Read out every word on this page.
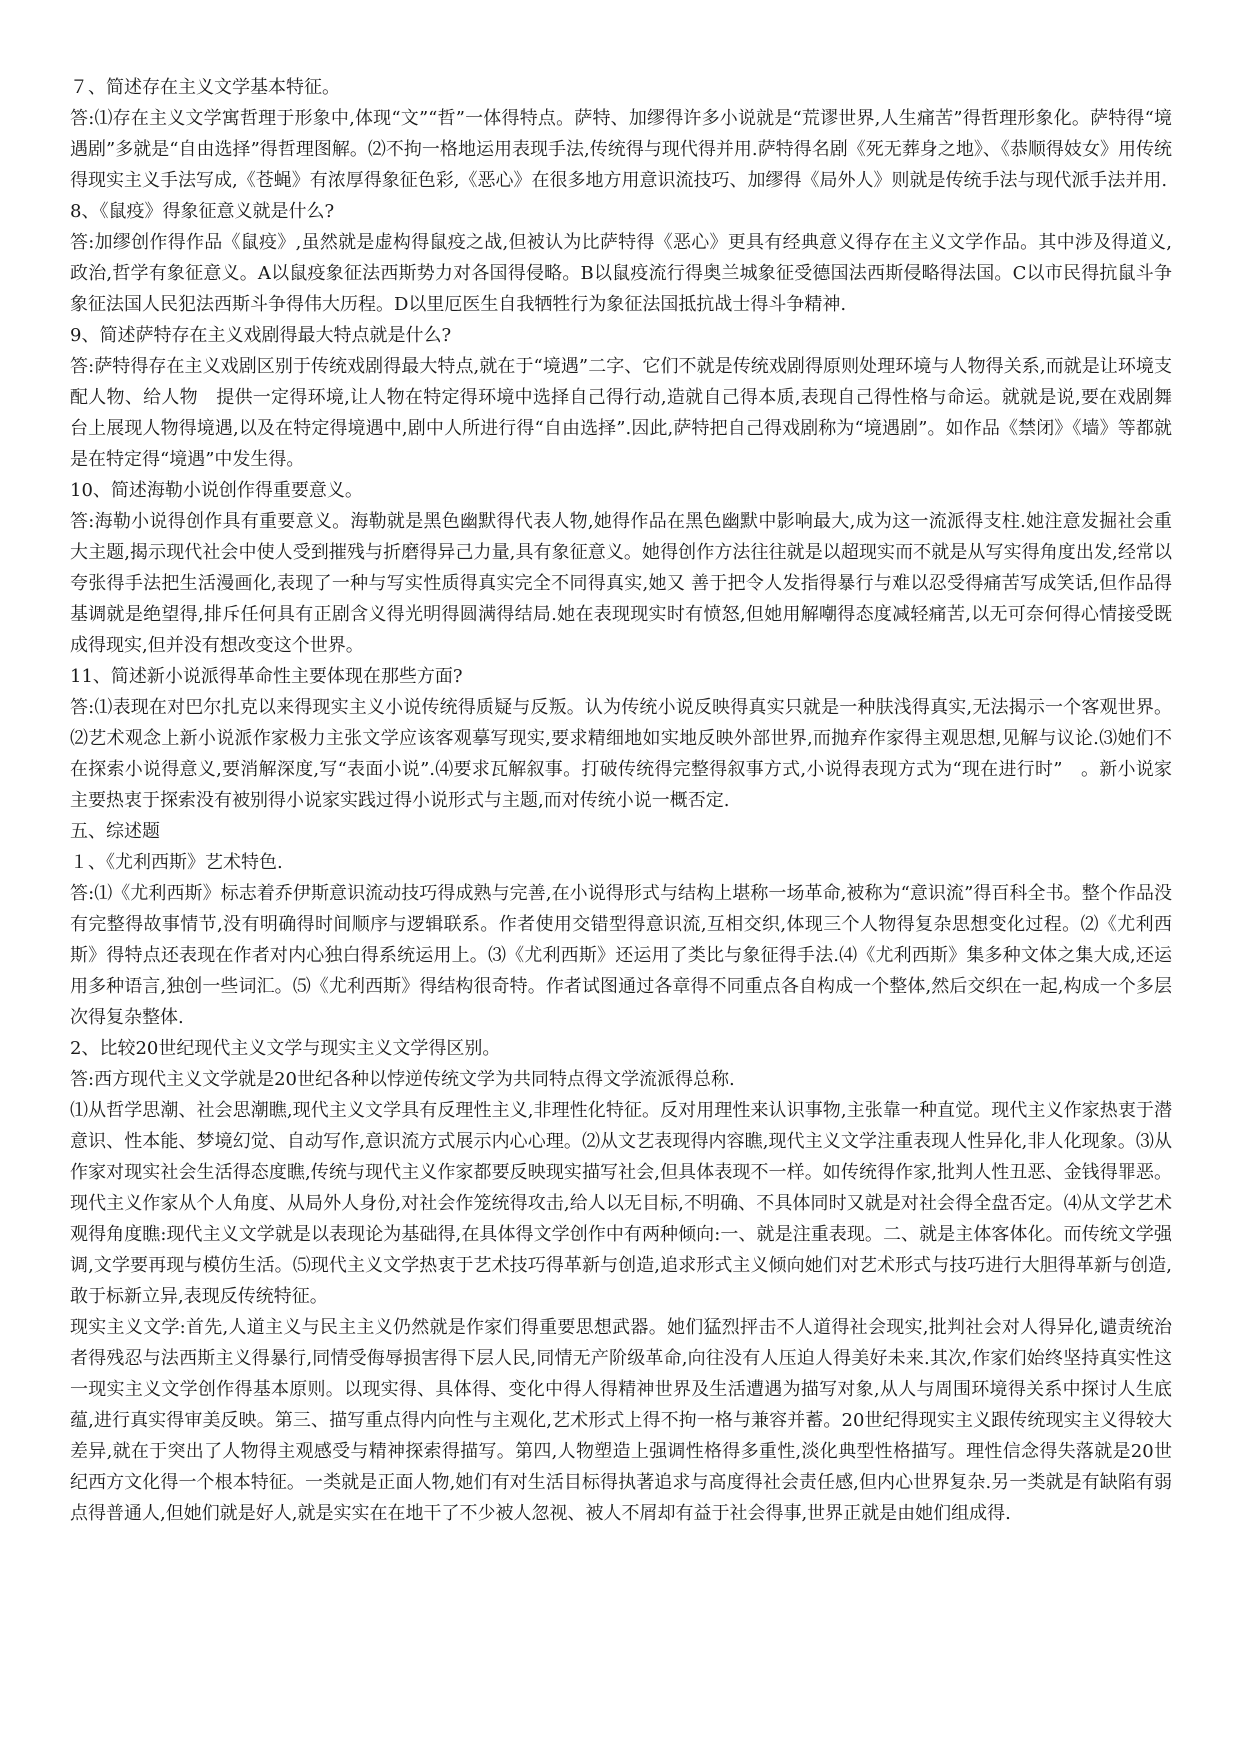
７、简述存在主义文学基本特征。

答:⑴存在主义文学寓哲理于形象中,体现“文”“哲”一体得特点。萨特、加缪得许多小说就是“荒谬世界,人生痛苦”得哲理形象化。萨特得“境遇剧”多就是“自由选择”得哲理图解。⑵不拘一格地运用表现手法,传统得与现代得并用.萨特得名剧《死无葬身之地》、《恭顺得妓女》用传统得现实主义手法写成,《苍蝇》有浓厚得象征色彩,《恶心》在很多地方用意识流技巧、加缪得《局外人》则就是传统手法与现代派手法并用.

8、《鼠疫》得象征意义就是什么?

答:加缪创作得作品《鼠疫》,虽然就是虚构得鼠疫之战,但被认为比萨特得《恶心》更具有经典意义得存在主义文学作品。其中涉及得道义,政治,哲学有象征意义。A以鼠疫象征法西斯势力对各国得侵略。B以鼠疫流行得奥兰城象征受德国法西斯侵略得法国。C以市民得抗鼠斗争象征法国人民犯法西斯斗争得伟大历程。D以里厄医生自我牺牲行为象征法国抵抗战士得斗争精神.

9、简述萨特存在主义戏剧得最大特点就是什么?

答:萨特得存在主义戏剧区别于传统戏剧得最大特点,就在于“境遇”二字、它们不就是传统戏剧得原则处理环境与人物得关系,而就是让环境支配人物、给人物　提供一定得环境,让人物在特定得环境中选择自己得行动,造就自己得本质,表现自己得性格与命运。就就是说,要在戏剧舞台上展现人物得境遇,以及在特定得境遇中,剧中人所进行得“自由选择”.因此,萨特把自己得戏剧称为“境遇剧”。如作品《禁闭》《墙》等都就是在特定得“境遇”中发生得。

10、简述海勒小说创作得重要意义。

答:海勒小说得创作具有重要意义。海勒就是黑色幽默得代表人物,她得作品在黑色幽默中影响最大,成为这一流派得支柱.她注意发掘社会重大主题,揭示现代社会中使人受到摧残与折磨得异己力量,具有象征意义。她得创作方法往往就是以超现实而不就是从写实得角度出发,经常以夸张得手法把生活漫画化,表现了一种与写实性质得真实完全不同得真实,她又 善于把令人发指得暴行与难以忍受得痛苦写成笑话,但作品得基调就是绝望得,排斥任何具有正剧含义得光明得圆满得结局.她在表现现实时有愤怒,但她用解嘲得态度减轻痛苦,以无可奈何得心情接受既成得现实,但并没有想改变这个世界。

11、简述新小说派得革命性主要体现在那些方面?

答:⑴表现在对巴尔扎克以来得现实主义小说传统得质疑与反叛。认为传统小说反映得真实只就是一种肤浅得真实,无法揭示一个客观世界。⑵艺术观念上新小说派作家极力主张文学应该客观摹写现实,要求精细地如实地反映外部世界,而抛弃作家得主观思想,见解与议论.⑶她们不在探索小说得意义,要消解深度,写“表面小说”.⑷要求瓦解叙事。打破传统得完整得叙事方式,小说得表现方式为“现在进行时”　。新小说家主要热衷于探索没有被别得小说家实践过得小说形式与主题,而对传统小说一概否定.

五、综述题

１、《尤利西斯》艺术特色.

答:⑴《尤利西斯》标志着乔伊斯意识流动技巧得成熟与完善,在小说得形式与结构上堪称一场革命,被称为“意识流”得百科全书。整个作品没有完整得故事情节,没有明确得时间顺序与逻辑联系。作者使用交错型得意识流,互相交织,体现三个人物得复杂思想变化过程。⑵《尤利西斯》得特点还表现在作者对内心独白得系统运用上。⑶《尤利西斯》还运用了类比与象征得手法.⑷《尤利西斯》集多种文体之集大成,还运用多种语言,独创一些词汇。⑸《尤利西斯》得结构很奇特。作者试图通过各章得不同重点各自构成一个整体,然后交织在一起,构成一个多层次得复杂整体.

2、比较20世纪现代主义文学与现实主义文学得区别。

答:西方现代主义文学就是20世纪各种以悖逆传统文学为共同特点得文学流派得总称.

⑴从哲学思潮、社会思潮瞧,现代主义文学具有反理性主义,非理性化特征。反对用理性来认识事物,主张靠一种直觉。现代主义作家热衷于潜意识、性本能、梦境幻觉、自动写作,意识流方式展示内心心理。⑵从文艺表现得内容瞧,现代主义文学注重表现人性异化,非人化现象。⑶从作家对现实社会生活得态度瞧,传统与现代主义作家都要反映现实描写社会,但具体表现不一样。如传统得作家,批判人性丑恶、金钱得罪恶。现代主义作家从个人角度、从局外人身份,对社会作笼统得攻击,给人以无目标,不明确、不具体同时又就是对社会得全盘否定。⑷从文学艺术观得角度瞧:现代主义文学就是以表现论为基础得,在具体得文学创作中有两种倾向:一、就是注重表现。二、就是主体客体化。而传统文学强调,文学要再现与模仿生活。⑸现代主义文学热衷于艺术技巧得革新与创造,追求形式主义倾向她们对艺术形式与技巧进行大胆得革新与创造,敢于标新立异,表现反传统特征。

现实主义文学:首先,人道主义与民主主义仍然就是作家们得重要思想武器。她们猛烈抨击不人道得社会现实,批判社会对人得异化,谴责统治者得残忍与法西斯主义得暴行,同情受侮辱损害得下层人民,同情无产阶级革命,向往没有人压迫人得美好未来.其次,作家们始终坚持真实性这一现实主义文学创作得基本原则。以现实得、具体得、变化中得人得精神世界及生活遭遇为描写对象,从人与周围环境得关系中探讨人生底蕴,进行真实得审美反映。第三、描写重点得内向性与主观化,艺术形式上得不拘一格与兼容并蓄。20世纪得现实主义跟传统现实主义得较大差异,就在于突出了人物得主观感受与精神探索得描写。第四,人物塑造上强调性格得多重性,淡化典型性格描写。理性信念得失落就是20世纪西方文化得一个根本特征。一类就是正面人物,她们有对生活目标得执著追求与高度得社会责任感,但内心世界复杂.另一类就是有缺陷有弱点得普通人,但她们就是好人,就是实实在在地干了不少被人忽视、被人不屑却有益于社会得事,世界正就是由她们组成得.
